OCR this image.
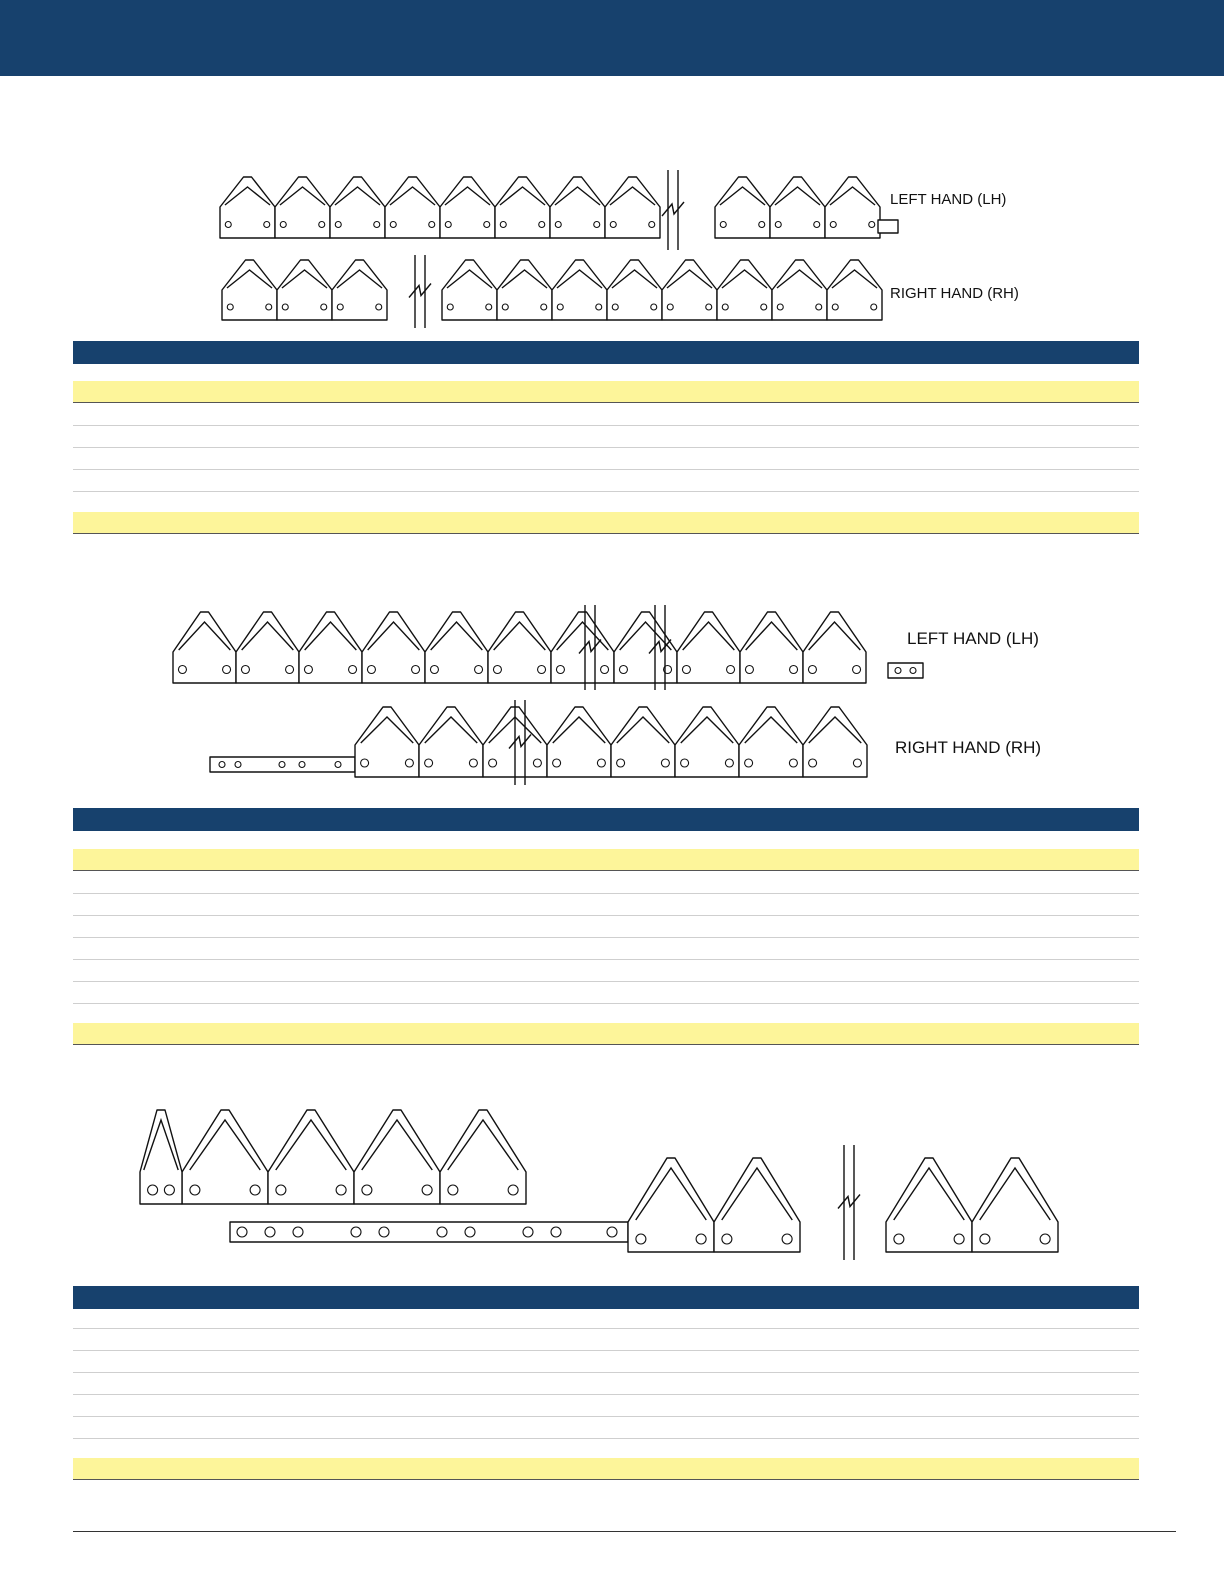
LEFT HAND (LH)
RIGHT HAND (RH)
LEFT HAND (LH)
RIGHT HAND (RH)
